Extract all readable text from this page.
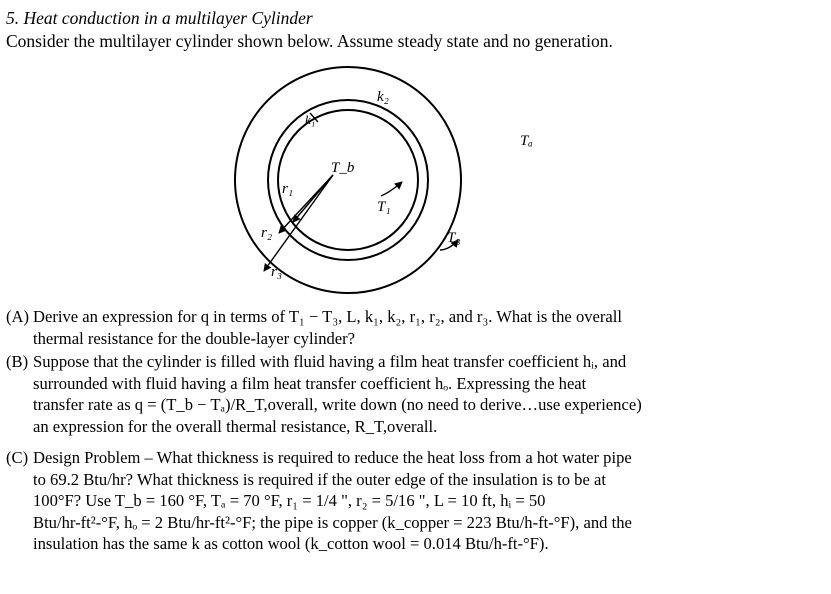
5. Heat conduction in a multilayer Cylinder
Consider the multilayer cylinder shown below. Assume steady state and no generation.
k₂
k₁
Tₐ
T_b
r₁
T₁
r₂	T₃
r₃
(A) Derive an expression for q in terms of T₁ − T₃, L, k₁, k₂, r₁, r₂, and r₃. What is the overall
thermal resistance for the double-layer cylinder?
(B) Suppose that the cylinder is filled with fluid having a film heat transfer coefficient hᵢ, and
surrounded with fluid having a film heat transfer coefficient hₒ. Expressing the heat
transfer rate as q = (T_b − Tₐ)/R_T,overall, write down (no need to derive…use experience)
an expression for the overall thermal resistance, R_T,overall.
(C) Design Problem – What thickness is required to reduce the heat loss from a hot water pipe
to 69.2 Btu/hr? What thickness is required if the outer edge of the insulation is to be at
100°F? Use T_b = 160 °F, Tₐ = 70 °F, r₁ = 1/4 ", r₂ = 5/16 ", L = 10 ft, hᵢ = 50
Btu/hr-ft²-°F, hₒ = 2 Btu/hr-ft²-°F; the pipe is copper (k_copper = 223 Btu/h-ft-°F), and the
insulation has the same k as cotton wool (k_cotton wool = 0.014 Btu/h-ft-°F).
